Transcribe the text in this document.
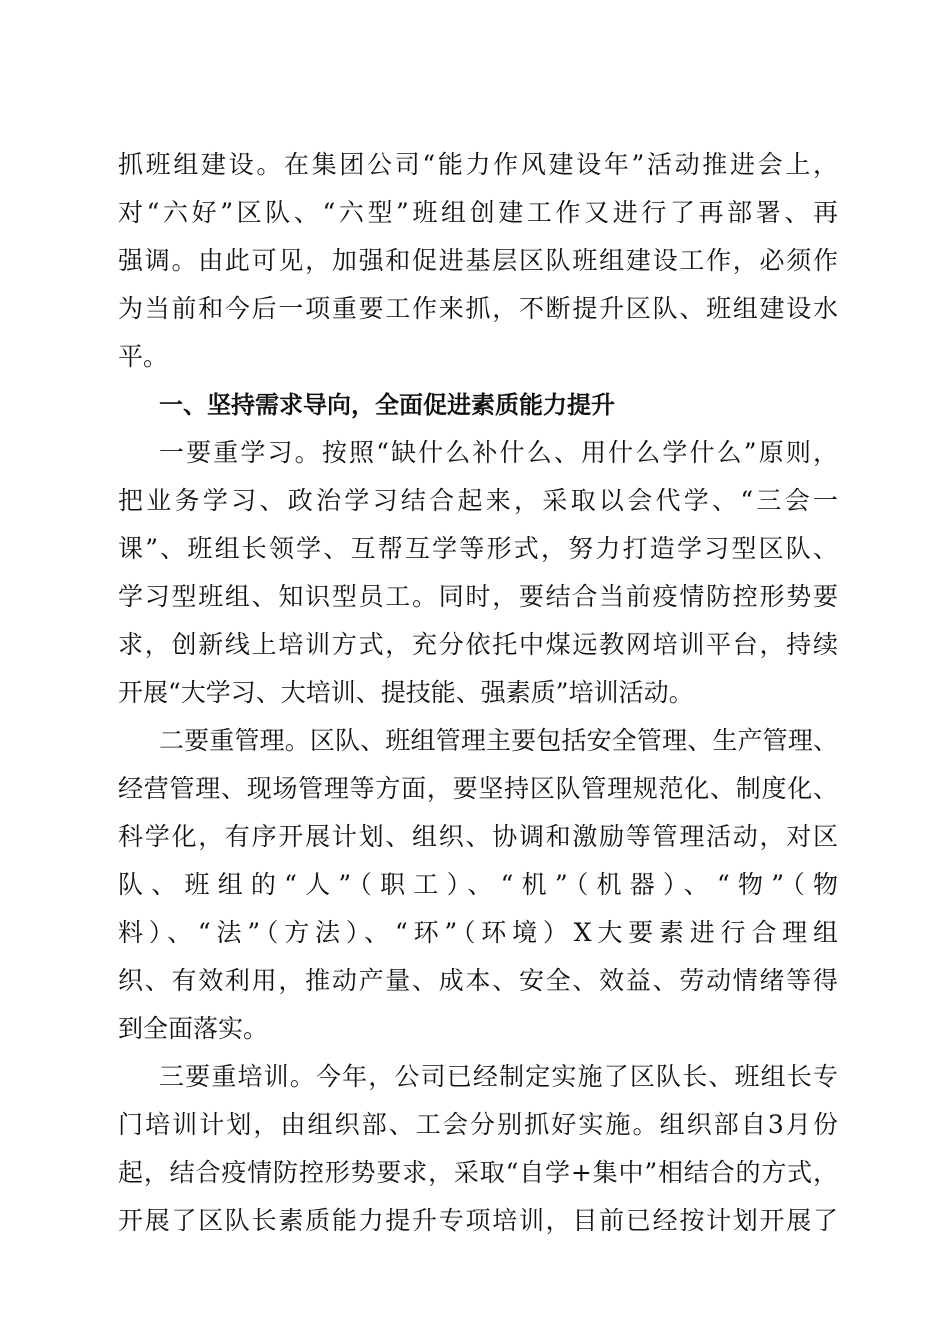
抓班组建设。在集团公司“能力作风建设年”活动推进会上，
对“六好”区队、“六型”班组创建工作又进行了再部署、再
强调。由此可见，加强和促进基层区队班组建设工作，必须作
为当前和今后一项重要工作来抓，不断提升区队、班组建设水
平。
一、坚持需求导向，全面促进素质能力提升
一要重学习。按照“缺什么补什么、用什么学什么”原则，
把业务学习、政治学习结合起来，采取以会代学、“三会一
课”、班组长领学、互帮互学等形式，努力打造学习型区队、
学习型班组、知识型员工。同时，要结合当前疫情防控形势要
求，创新线上培训方式，充分依托中煤远教网培训平台，持续
开展“大学习、大培训、提技能、强素质”培训活动。
二要重管理。区队、班组管理主要包括安全管理、生产管理、
经营管理、现场管理等方面，要坚持区队管理规范化、制度化、
科学化，有序开展计划、组织、协调和激励等管理活动，对区
队、班组的“人”（职工）、“机”（机器）、“物”（物
料）、“法”（方法）、“环”（环境）X大要素进行合理组
织、有效利用，推动产量、成本、安全、效益、劳动情绪等得
到全面落实。
三要重培训。今年，公司已经制定实施了区队长、班组长专
门培训计划，由组织部、工会分别抓好实施。组织部自3月份
起，结合疫情防控形势要求，采取“自学+集中”相结合的方式，
开展了区队长素质能力提升专项培训，目前已经按计划开展了
